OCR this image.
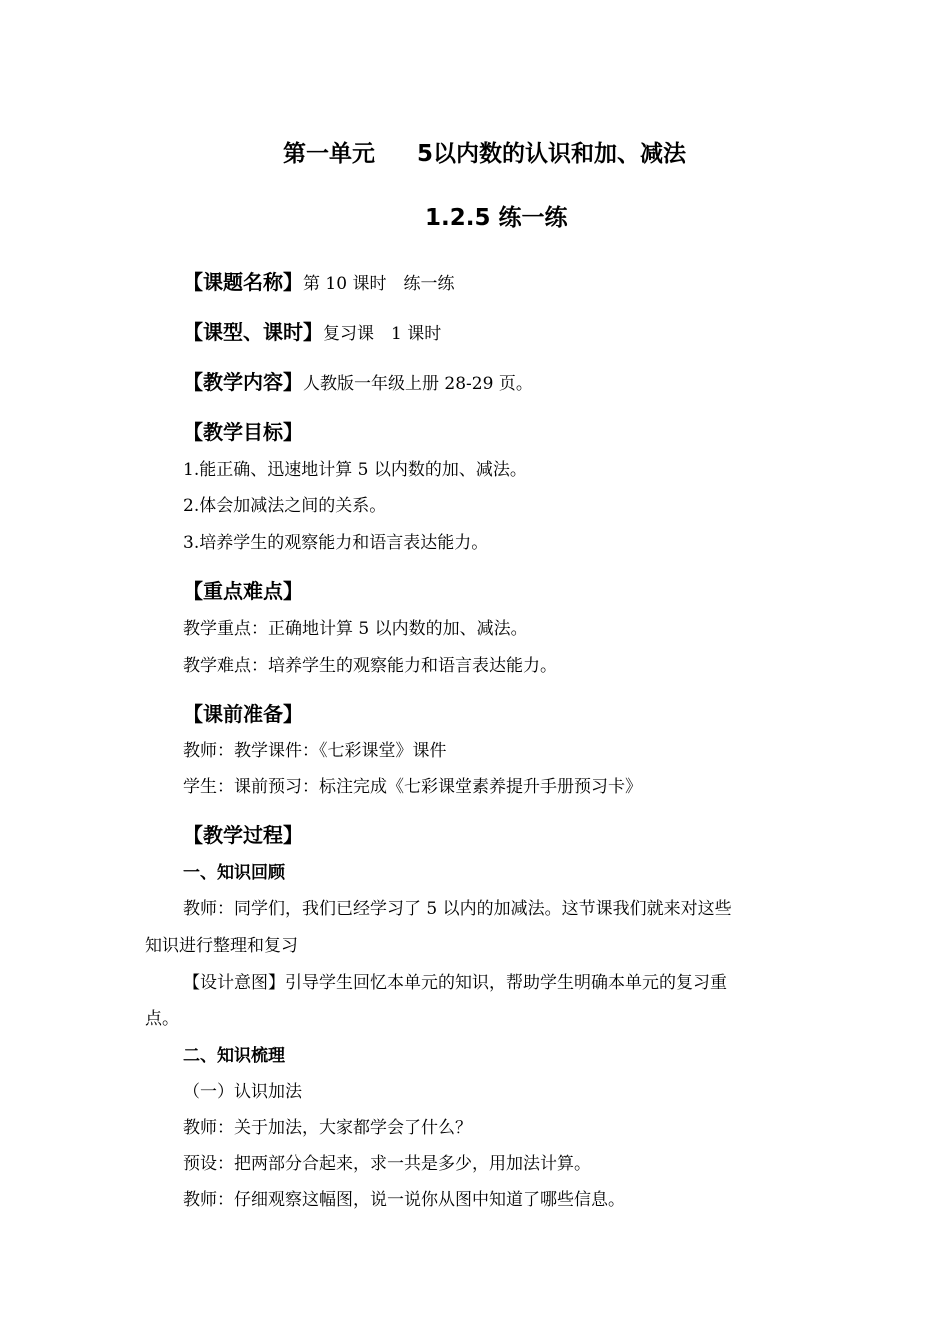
第一单元 5以内数的认识和加、减法
1.2.5 练一练
【课题名称】第 10 课时　练一练
【课型、课时】复习课　1 课时
【教学内容】人教版一年级上册 28-29 页。
【教学目标】
1.能正确、迅速地计算 5 以内数的加、减法。
2.体会加减法之间的关系。
3.培养学生的观察能力和语言表达能力。
【重点难点】
教学重点：正确地计算 5 以内数的加、减法。
教学难点：培养学生的观察能力和语言表达能力。
【课前准备】
教师：教学课件：《七彩课堂》课件
学生：课前预习：标注完成《七彩课堂素养提升手册预习卡》
【教学过程】
一、知识回顾
教师：同学们，我们已经学习了 5 以内的加减法。这节课我们就来对这些
知识进行整理和复习
【设计意图】引导学生回忆本单元的知识，帮助学生明确本单元的复习重
点。
二、知识梳理
（一）认识加法
教师：关于加法，大家都学会了什么？
预设：把两部分合起来，求一共是多少，用加法计算。
教师：仔细观察这幅图，说一说你从图中知道了哪些信息。
